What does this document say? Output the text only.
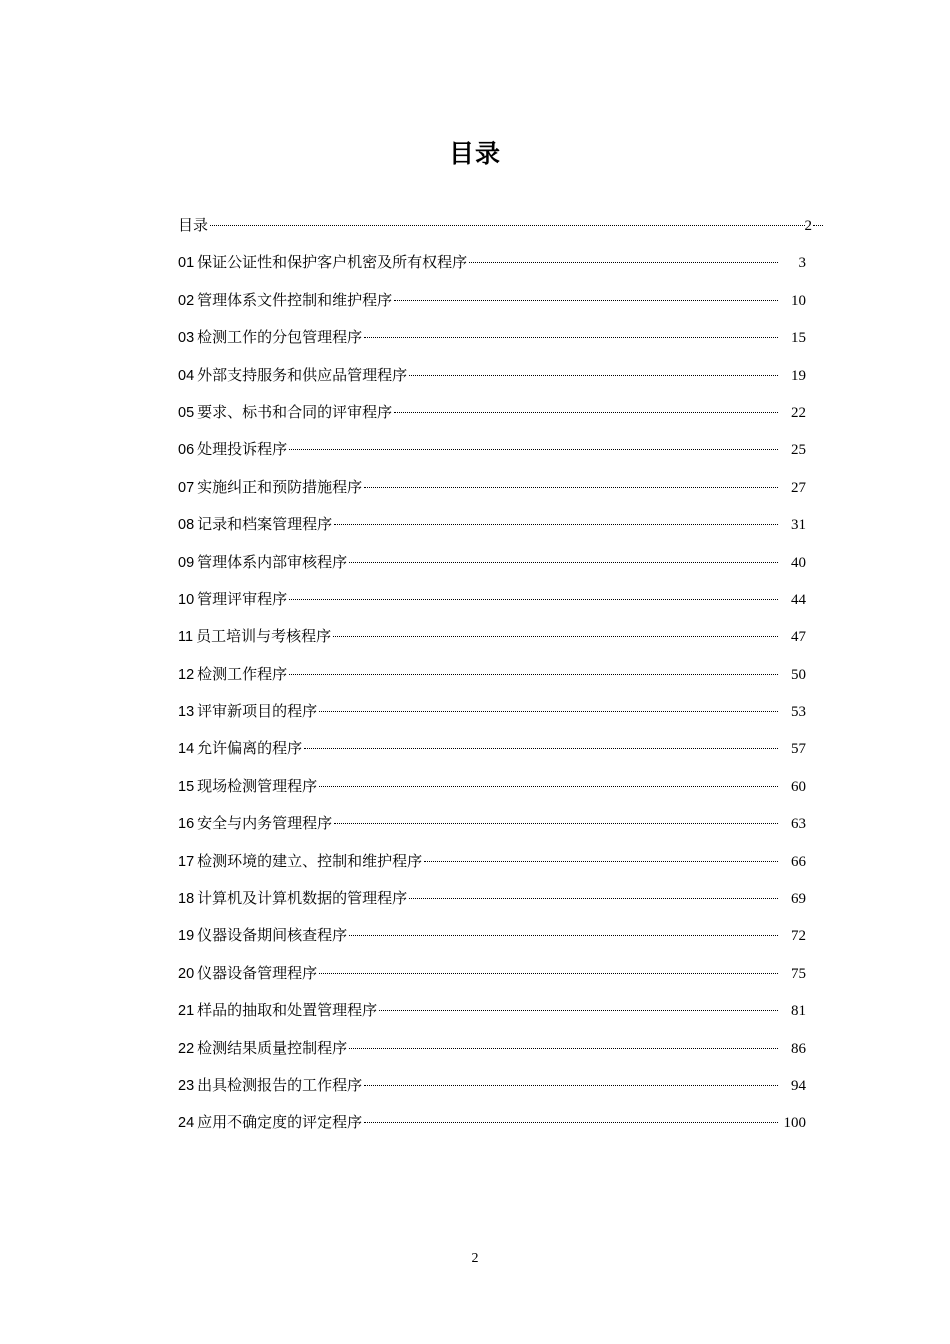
目录
目录	2
01 保证公证性和保护客户机密及所有权程序	3
02 管理体系文件控制和维护程序	10
03 检测工作的分包管理程序	15
04 外部支持服务和供应品管理程序	19
05 要求、标书和合同的评审程序	22
06 处理投诉程序	25
07 实施纠正和预防措施程序	27
08 记录和档案管理程序	31
09 管理体系内部审核程序	40
10 管理评审程序	44
11 员工培训与考核程序	47
12 检测工作程序	50
13 评审新项目的程序	53
14 允许偏离的程序	57
15 现场检测管理程序	60
16 安全与内务管理程序	63
17 检测环境的建立、控制和维护程序	66
18 计算机及计算机数据的管理程序	69
19 仪器设备期间核查程序	72
20 仪器设备管理程序	75
21 样品的抽取和处置管理程序	81
22 检测结果质量控制程序	86
23 出具检测报告的工作程序	94
24 应用不确定度的评定程序	100
2
